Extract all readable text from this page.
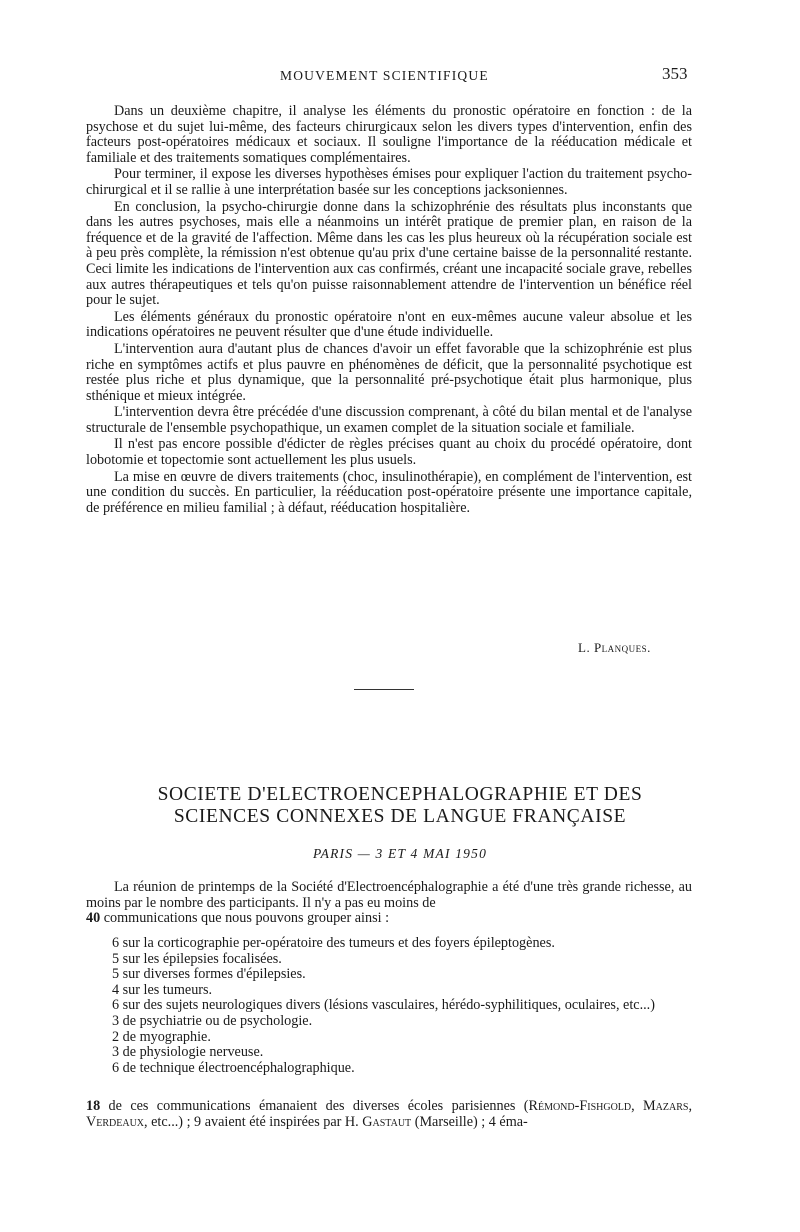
MOUVEMENT SCIENTIFIQUE	353

Dans un deuxième chapitre, il analyse les éléments du pronostic opératoire en fonction : de la psychose et du sujet lui-même, des facteurs chirurgicaux selon les divers types d'intervention, enfin des facteurs post-opératoires médicaux et sociaux. Il souligne l'importance de la rééducation médicale et familiale et des traitements somatiques complémentaires.

Pour terminer, il expose les diverses hypothèses émises pour expliquer l'action du traitement psycho-chirurgical et il se rallie à une interprétation basée sur les conceptions jacksoniennes.

En conclusion, la psycho-chirurgie donne dans la schizophrénie des résultats plus inconstants que dans les autres psychoses, mais elle a néanmoins un intérêt pratique de premier plan, en raison de la fréquence et de la gravité de l'affection. Même dans les cas les plus heureux où la récupération sociale est à peu près complète, la rémission n'est obtenue qu'au prix d'une certaine baisse de la personnalité restante. Ceci limite les indications de l'intervention aux cas confirmés, créant une incapacité sociale grave, rebelles aux autres thérapeutiques et tels qu'on puisse raisonnablement attendre de l'intervention un bénéfice réel pour le sujet.

Les éléments généraux du pronostic opératoire n'ont en eux-mêmes aucune valeur absolue et les indications opératoires ne peuvent résulter que d'une étude individuelle.

L'intervention aura d'autant plus de chances d'avoir un effet favorable que la schizophrénie est plus riche en symptômes actifs et plus pauvre en phénomènes de déficit, que la personnalité psychotique est restée plus riche et plus dynamique, que la personnalité pré-psychotique était plus harmonique, plus sthénique et mieux intégrée.

L'intervention devra être précédée d'une discussion comprenant, à côté du bilan mental et de l'analyse structurale de l'ensemble psychopathique, un examen complet de la situation sociale et familiale.

Il n'est pas encore possible d'édicter de règles précises quant au choix du procédé opératoire, dont lobotomie et topectomie sont actuellement les plus usuels.

La mise en œuvre de divers traitements (choc, insulinothérapie), en complément de l'intervention, est une condition du succès. En particulier, la rééducation post-opératoire présente une importance capitale, de préférence en milieu familial ; à défaut, rééducation hospitalière.

L. Planques.
SOCIETE D'ELECTROENCEPHALOGRAPHIE ET DES
SCIENCES CONNEXES DE LANGUE FRANÇAISE
PARIS — 3 ET 4 MAI 1950

La réunion de printemps de la Société d'Electroencéphalographie a été d'une très grande richesse, au moins par le nombre des participants. Il n'y a pas eu moins de
40 communications que nous pouvons grouper ainsi :

6 sur la corticographie per-opératoire des tumeurs et des foyers épileptogènes.
5 sur les épilepsies focalisées.
5 sur diverses formes d'épilepsies.
4 sur les tumeurs.
6 sur des sujets neurologiques divers (lésions vasculaires, hérédo-syphilitiques, oculaires, etc...)
3 de psychiatrie ou de psychologie.
2 de myographie.
3 de physiologie nerveuse.
6 de technique électroencéphalographique.

18 de ces communications émanaient des diverses écoles parisiennes (Rémond-Fishgold, Mazars, Verdeaux, etc...) ; 9 avaient été inspirées par H. Gastaut (Marseille) ; 4 éma-
